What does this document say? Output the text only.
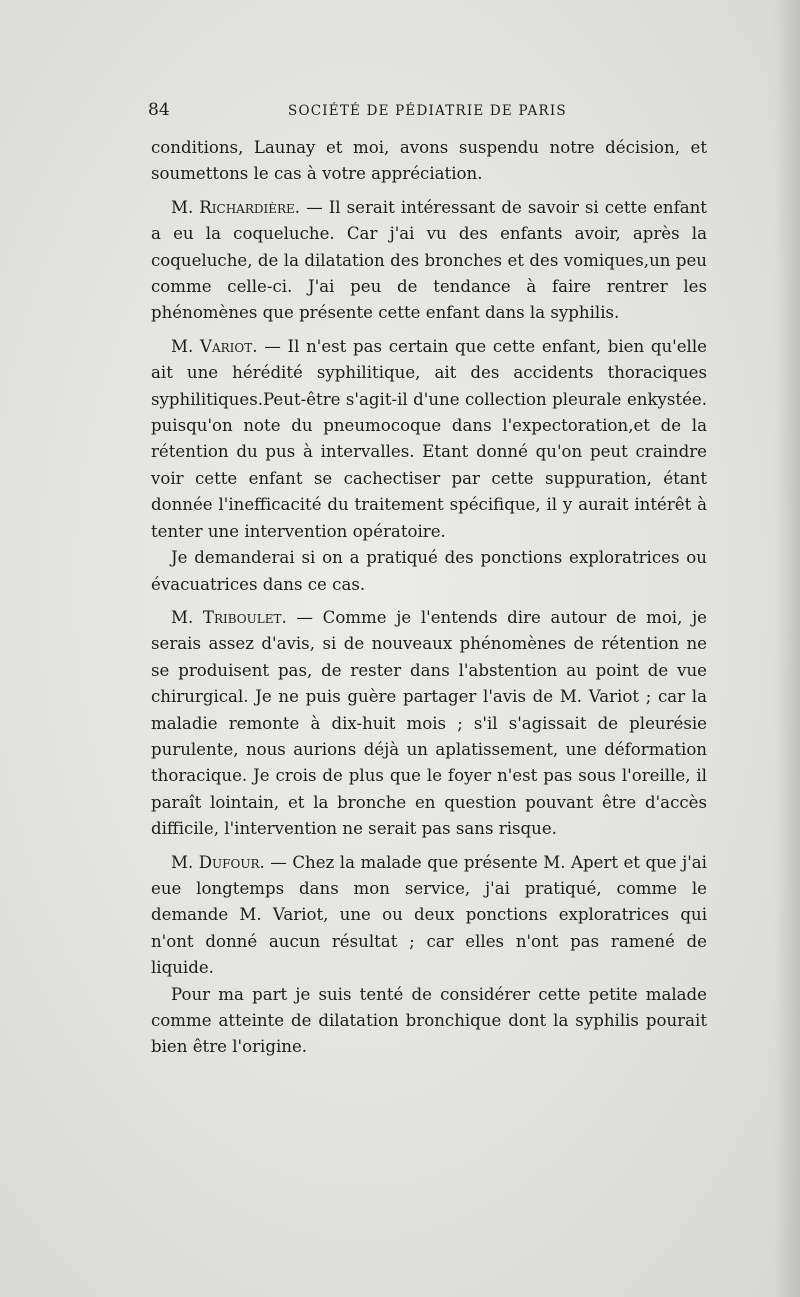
84	SOCIÉTÉ DE PÉDIATRIE DE PARIS

conditions, Launay et moi, avons suspendu notre décision, et soumettons le cas à votre appréciation.

M. Richardière. — Il serait intéressant de savoir si cette enfant a eu la coqueluche. Car j'ai vu des enfants avoir, après la coqueluche, de la dilatation des bronches et des vomiques,un peu comme celle-ci. J'ai peu de tendance à faire rentrer les phénomènes que présente cette enfant dans la syphilis.

M. Variot. — Il n'est pas certain que cette enfant, bien qu'elle ait une hérédité syphilitique, ait des accidents thoraciques syphilitiques.Peut-être s'agit-il d'une collection pleurale enkystée. puisqu'on note du pneumocoque dans l'expectoration,et de la rétention du pus à intervalles. Etant donné qu'on peut craindre voir cette enfant se cachectiser par cette suppuration, étant donnée l'inefficacité du traitement spécifique, il y aurait intérêt à tenter une intervention opératoire.

Je demanderai si on a pratiqué des ponctions exploratrices ou évacuatrices dans ce cas.

M. Triboulet. — Comme je l'entends dire autour de moi, je serais assez d'avis, si de nouveaux phénomènes de rétention ne se produisent pas, de rester dans l'abstention au point de vue chirurgical. Je ne puis guère partager l'avis de M. Variot ; car la maladie remonte à dix-huit mois ; s'il s'agissait de pleurésie purulente, nous aurions déjà un aplatissement, une déformation thoracique. Je crois de plus que le foyer n'est pas sous l'oreille, il paraît lointain, et la bronche en question pouvant être d'accès difficile, l'intervention ne serait pas sans risque.

M. Dufour. — Chez la malade que présente M. Apert et que j'ai eue longtemps dans mon service, j'ai pratiqué, comme le demande M. Variot, une ou deux ponctions exploratrices qui n'ont donné aucun résultat ; car elles n'ont pas ramené de liquide.

Pour ma part je suis tenté de considérer cette petite malade comme atteinte de dilatation bronchique dont la syphilis pourait bien être l'origine.
